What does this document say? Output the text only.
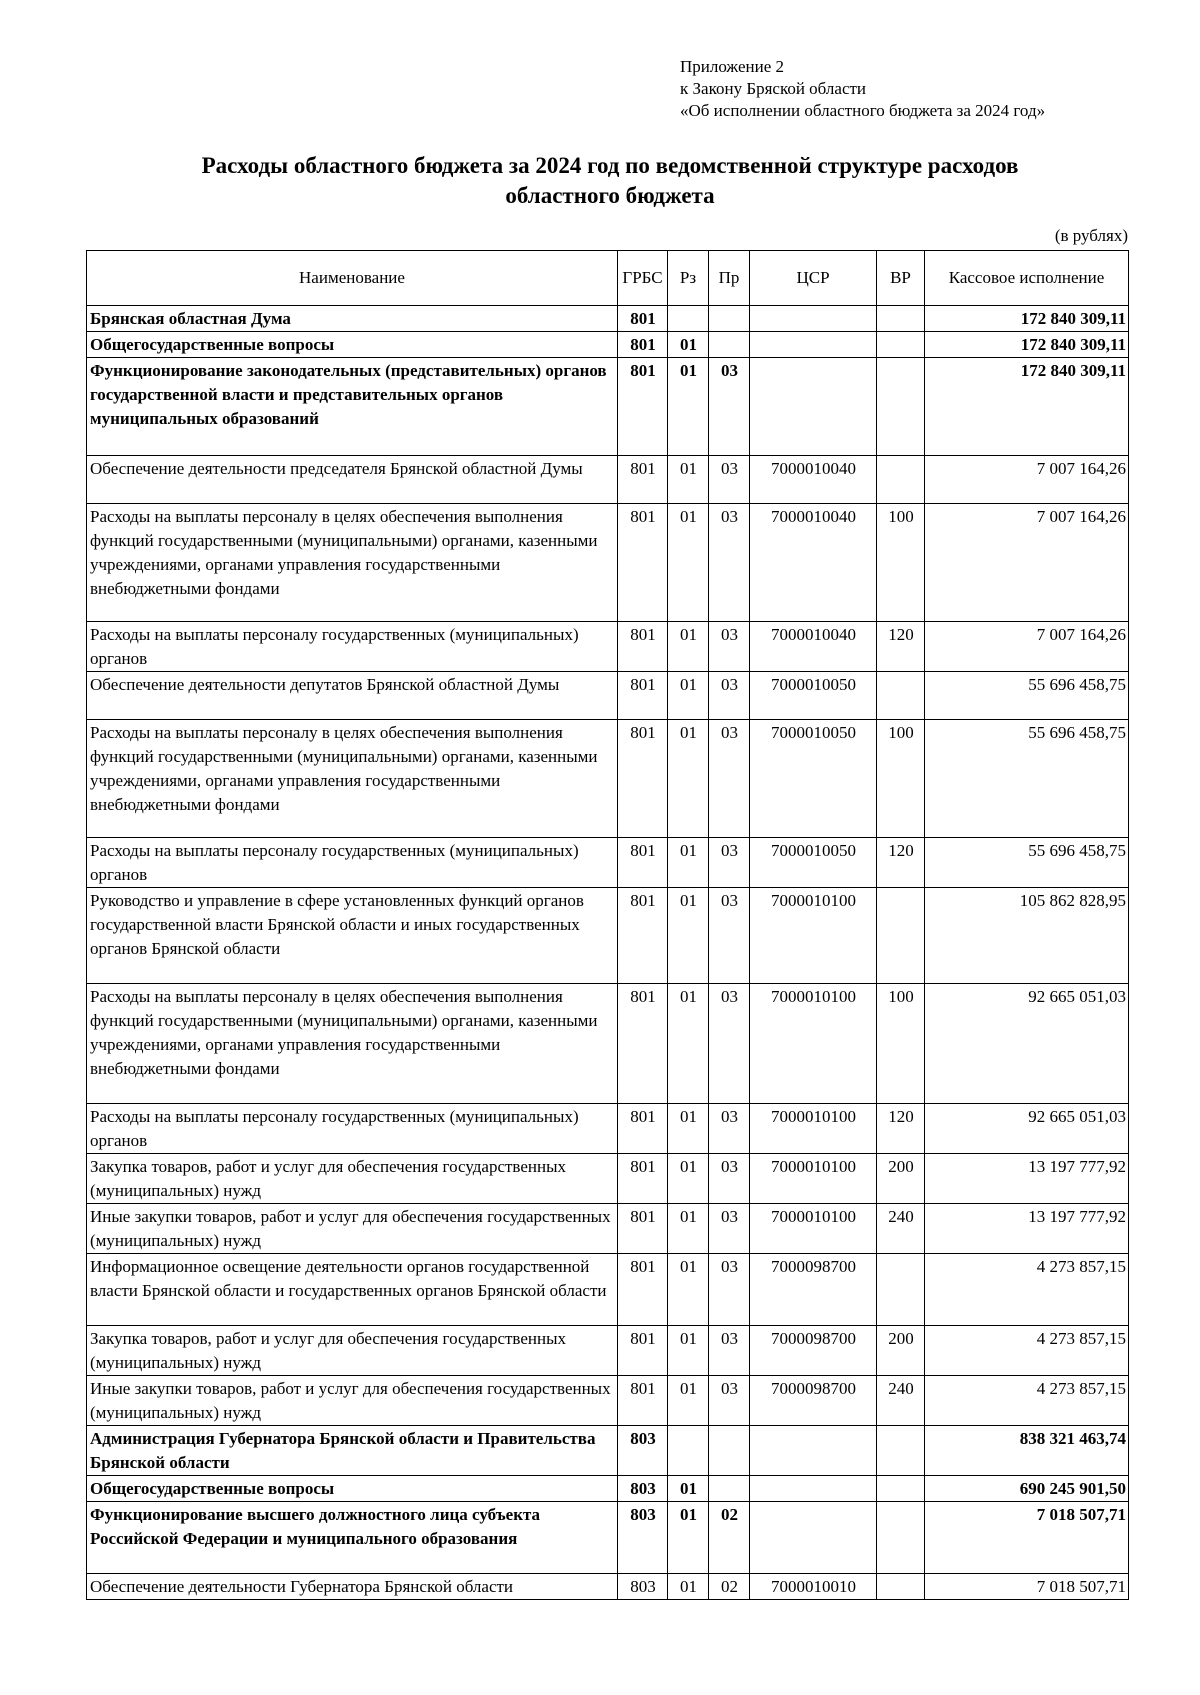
Приложение 2
к Закону Бряской области
«Об исполнении областного бюджета за 2024 год»
Расходы областного бюджета за 2024 год по ведомственной структуре расходов
областного бюджета
(в рублях)
Наименование	ГРБС	Рз	Пр	ЦСР	ВР	Кассовое исполнение
Брянская областная Дума	801					172 840 309,11
Общегосударственные вопросы	801	01				172 840 309,11
Функционирование законодательных (представительных) органов государственной власти и представительных органов муниципальных образований	801	01	03			172 840 309,11
Обеспечение деятельности председателя Брянской областной Думы	801	01	03	7000010040		7 007 164,26
Расходы на выплаты персоналу в целях обеспечения выполнения функций государственными (муниципальными) органами, казенными учреждениями, органами управления государственными внебюджетными фондами	801	01	03	7000010040	100	7 007 164,26
Расходы на выплаты персоналу государственных (муниципальных) органов	801	01	03	7000010040	120	7 007 164,26
Обеспечение деятельности депутатов Брянской областной Думы	801	01	03	7000010050		55 696 458,75
Расходы на выплаты персоналу в целях обеспечения выполнения функций государственными (муниципальными) органами, казенными учреждениями, органами управления государственными внебюджетными фондами	801	01	03	7000010050	100	55 696 458,75
Расходы на выплаты персоналу государственных (муниципальных) органов	801	01	03	7000010050	120	55 696 458,75
Руководство и управление в сфере установленных функций органов государственной власти Брянской области и иных государственных органов Брянской области	801	01	03	7000010100		105 862 828,95
Расходы на выплаты персоналу в целях обеспечения выполнения функций государственными (муниципальными) органами, казенными учреждениями, органами управления государственными внебюджетными фондами	801	01	03	7000010100	100	92 665 051,03
Расходы на выплаты персоналу государственных (муниципальных) органов	801	01	03	7000010100	120	92 665 051,03
Закупка товаров, работ и услуг для обеспечения государственных (муниципальных) нужд	801	01	03	7000010100	200	13 197 777,92
Иные закупки товаров, работ и услуг для обеспечения государственных (муниципальных) нужд	801	01	03	7000010100	240	13 197 777,92
Информационное освещение деятельности органов государственной власти Брянской области и государственных органов Брянской области	801	01	03	7000098700		4 273 857,15
Закупка товаров, работ и услуг для обеспечения государственных (муниципальных) нужд	801	01	03	7000098700	200	4 273 857,15
Иные закупки товаров, работ и услуг для обеспечения государственных (муниципальных) нужд	801	01	03	7000098700	240	4 273 857,15
Администрация Губернатора Брянской области и Правительства Брянской области	803					838 321 463,74
Общегосударственные вопросы	803	01				690 245 901,50
Функционирование высшего должностного лица субъекта Российской Федерации и муниципального образования	803	01	02			7 018 507,71
Обеспечение деятельности Губернатора Брянской области	803	01	02	7000010010		7 018 507,71
